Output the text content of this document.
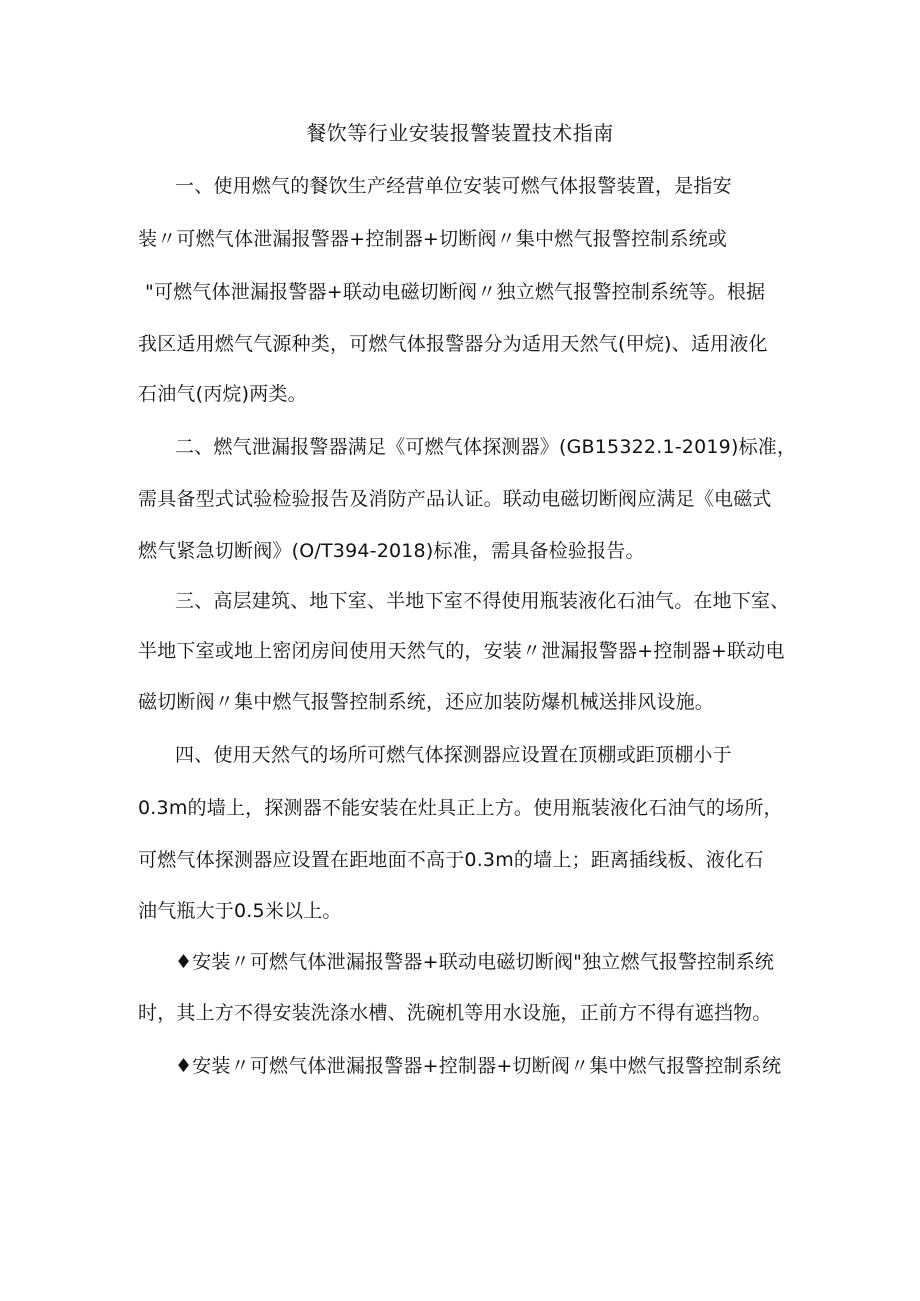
餐饮等行业安装报警装置技术指南
一、使用燃气的餐饮生产经营单位安装可燃气体报警装置，是指安
装〃可燃气体泄漏报警器+控制器+切断阀〃集中燃气报警控制系统或
"可燃气体泄漏报警器+联动电磁切断阀〃独立燃气报警控制系统等。根据
我区适用燃气气源种类，可燃气体报警器分为适用天然气(甲烷)、适用液化
石油气(丙烷)两类。
二、燃气泄漏报警器满足《可燃气体探测器》(GB15322.1-2019)标准，
需具备型式试验检验报告及消防产品认证。联动电磁切断阀应满足《电磁式
燃气紧急切断阀》(O/T394-2018)标准，需具备检验报告。
三、高层建筑、地下室、半地下室不得使用瓶装液化石油气。在地下室、
半地下室或地上密闭房间使用天然气的，安装〃泄漏报警器+控制器+联动电
磁切断阀〃集中燃气报警控制系统，还应加装防爆机械送排风设施。
四、使用天然气的场所可燃气体探测器应设置在顶棚或距顶棚小于
0.3m的墙上，探测器不能安装在灶具正上方。使用瓶装液化石油气的场所，
可燃气体探测器应设置在距地面不高于0.3m的墙上；距离插线板、液化石
油气瓶大于0.5米以上。
♦安装〃可燃气体泄漏报警器+联动电磁切断阀"独立燃气报警控制系统
时，其上方不得安装洗涤水槽、洗碗机等用水设施，正前方不得有遮挡物。
♦安装〃可燃气体泄漏报警器+控制器+切断阀〃集中燃气报警控制系统
